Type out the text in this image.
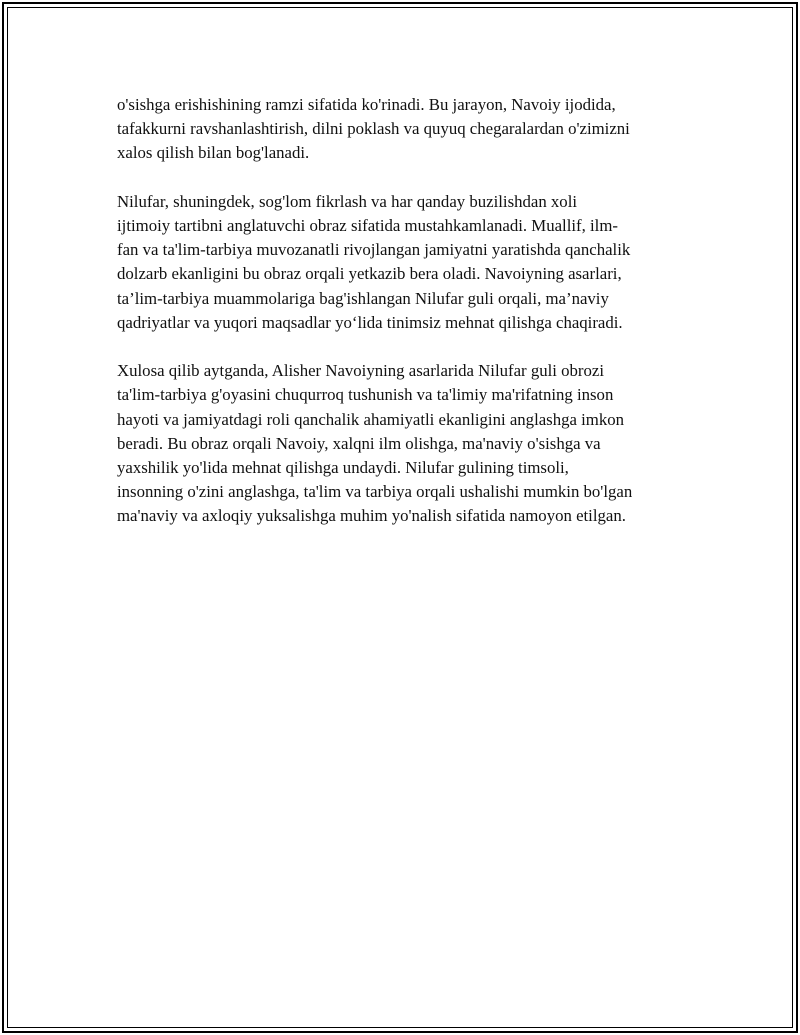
o'sishga erishishining ramzi sifatida ko'rinadi. Bu jarayon, Navoiy ijodida,
tafakkurni ravshanlashtirish, dilni poklash va quyuq chegaralardan o'zimizni
xalos qilish bilan bog'lanadi.

Nilufar, shuningdek, sog'lom fikrlash va har qanday buzilishdan xoli
ijtimoiy tartibni anglatuvchi obraz sifatida mustahkamlanadi. Muallif, ilm-
fan va ta'lim-tarbiya muvozanatli rivojlangan jamiyatni yaratishda qanchalik
dolzarb ekanligini bu obraz orqali yetkazib bera oladi. Navoiyning asarlari,
ta’lim-tarbiya muammolariga bag'ishlangan Nilufar guli orqali, ma’naviy
qadriyatlar va yuqori maqsadlar yo‘lida tinimsiz mehnat qilishga chaqiradi.

Xulosa qilib aytganda, Alisher Navoiyning asarlarida Nilufar guli obrozi
ta'lim-tarbiya g'oyasini chuqurroq tushunish va ta'limiy ma'rifatning inson
hayoti va jamiyatdagi roli qanchalik ahamiyatli ekanligini anglashga imkon
beradi. Bu obraz orqali Navoiy, xalqni ilm olishga, ma'naviy o'sishga va
yaxshilik yo'lida mehnat qilishga undaydi. Nilufar gulining timsoli,
insonning o'zini anglashga, ta'lim va tarbiya orqali ushalishi mumkin bo'lgan
ma'naviy va axloqiy yuksalishga muhim yo'nalish sifatida namoyon etilgan.
